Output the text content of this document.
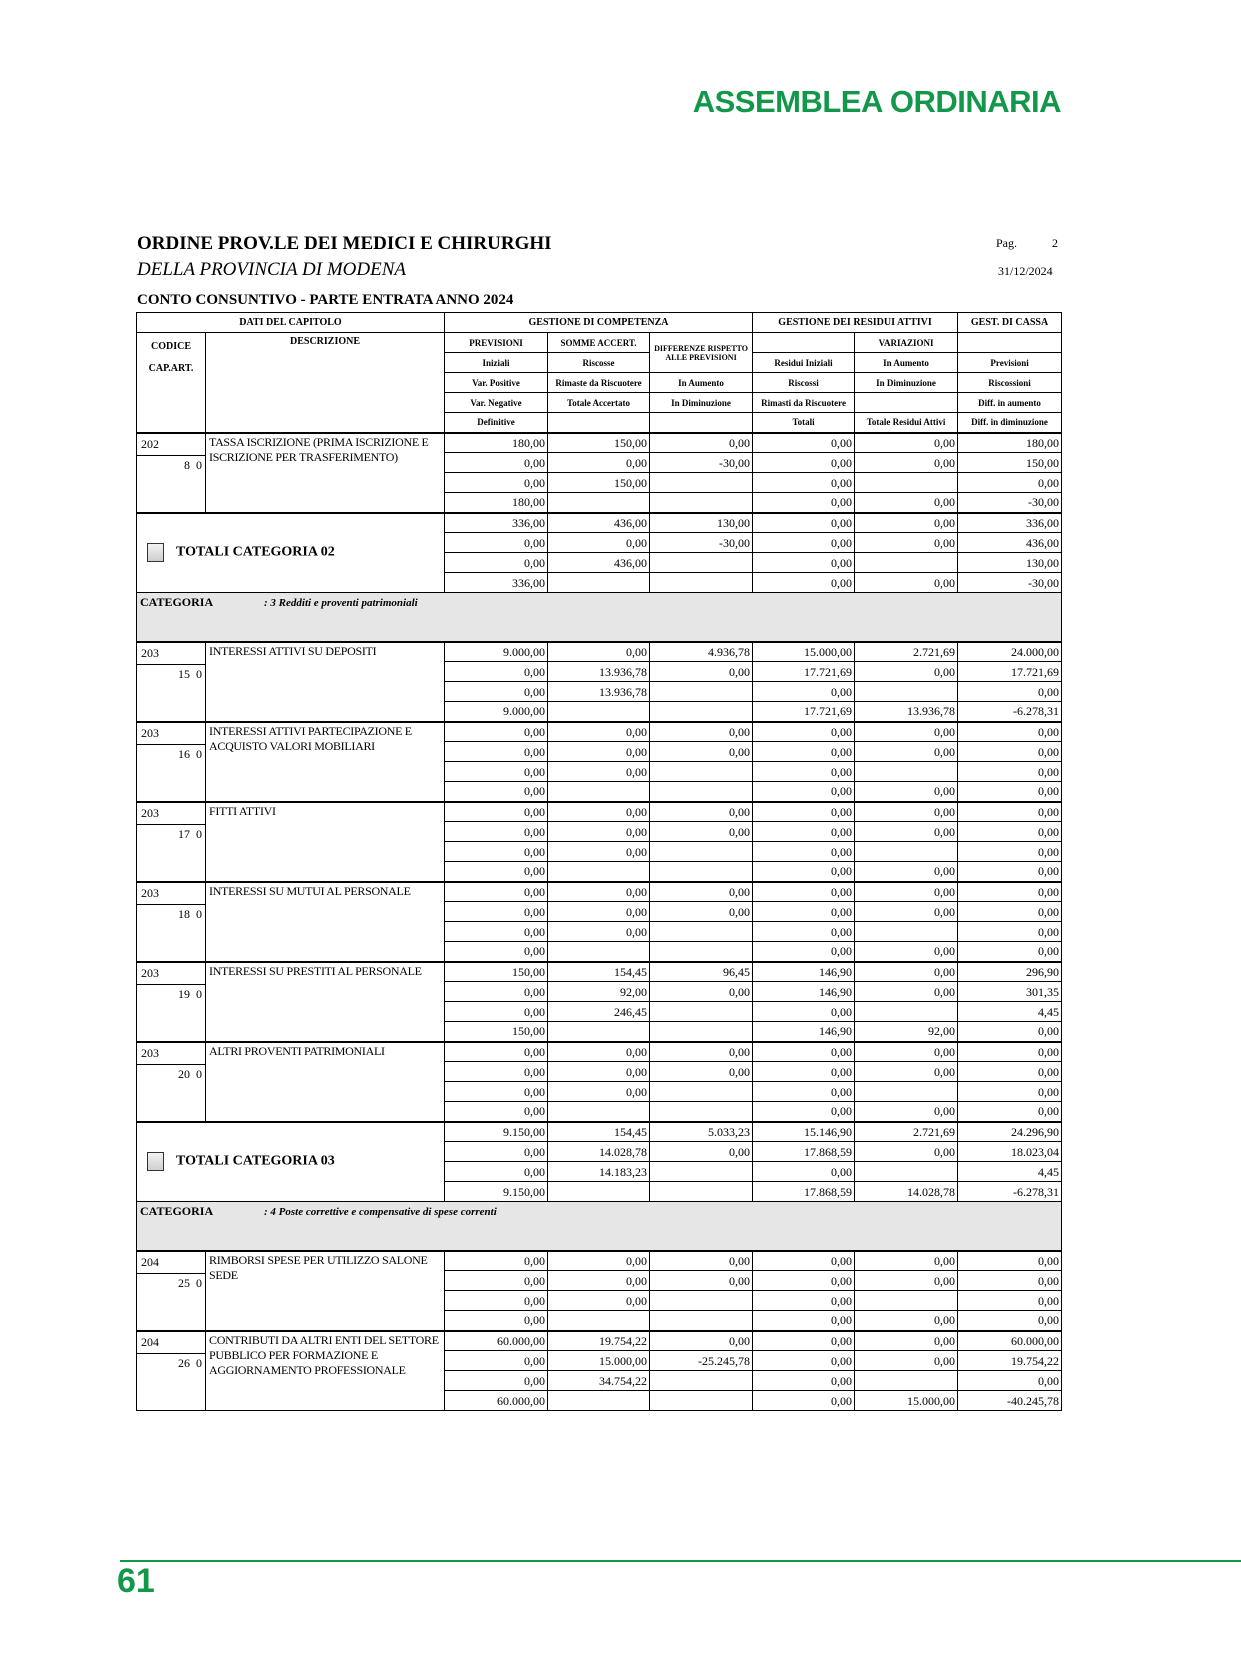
ASSEMBLEA ORDINARIA
ORDINE PROV.LE DEI MEDICI E CHIRURGHI
DELLA PROVINCIA DI MODENA
Pag.	2
31/12/2024
CONTO CONSUNTIVO - PARTE ENTRATA ANNO 2024
DATI DEL CAPITOLO		GESTIONE DI COMPETENZA			GESTIONE DEI RESIDUI ATTIVI		GEST. DI CASSA
CODICE
CAP.ART.	DESCRIZIONE	PREVISIONI	SOMME ACCERT.	DIFFERENZE RISPETTO ALLE PREVISIONI		VARIAZIONI	
		Iniziali	Riscosse		Residui Iniziali	In Aumento	Previsioni
		Var. Positive	Rimaste da Riscuotere	In Aumento	Riscossi	In Diminuzione	Riscossioni
		Var. Negative	Totale Accertato	In Diminuzione	Rimasti da Riscuotere		Diff. in aumento
		Definitive			Totali	Totale Residui Attivi	Diff. in diminuzione

202
8  0	TASSA ISCRIZIONE (PRIMA ISCRIZIONE E ISCRIZIONE PER TRASFERIMENTO)	180,00	150,00	0,00	0,00	0,00	180,00
		0,00	0,00	-30,00	0,00	0,00	150,00
		0,00	150,00		0,00		0,00
		180,00			0,00	0,00	-30,00
TOTALI CATEGORIA 02		336,00	436,00	130,00	0,00	0,00	336,00
		0,00	0,00	-30,00	0,00	0,00	436,00
		0,00	436,00		0,00		130,00
		336,00			0,00	0,00	-30,00
CATEGORIA : 3 Redditi e proventi patrimoniali							

203
15  0	INTERESSI ATTIVI SU DEPOSITI	9.000,00	0,00	4.936,78	15.000,00	2.721,69	24.000,00
		0,00	13.936,78	0,00	17.721,69	0,00	17.721,69
		0,00	13.936,78		0,00		0,00
		9.000,00			17.721,69	13.936,78	-6.278,31

203
16  0	INTERESSI ATTIVI PARTECIPAZIONE E ACQUISTO VALORI MOBILIARI	0,00	0,00	0,00	0,00	0,00	0,00
		0,00	0,00	0,00	0,00	0,00	0,00
		0,00	0,00		0,00		0,00
		0,00			0,00	0,00	0,00

203
17  0	FITTI ATTIVI	0,00	0,00	0,00	0,00	0,00	0,00
		0,00	0,00	0,00	0,00	0,00	0,00
		0,00	0,00		0,00		0,00
		0,00			0,00	0,00	0,00

203
18  0	INTERESSI SU MUTUI AL PERSONALE	0,00	0,00	0,00	0,00	0,00	0,00
		0,00	0,00	0,00	0,00	0,00	0,00
		0,00	0,00		0,00		0,00
		0,00			0,00	0,00	0,00

203
19  0	INTERESSI SU PRESTITI AL PERSONALE	150,00	154,45	96,45	146,90	0,00	296,90
		0,00	92,00	0,00	146,90	0,00	301,35
		0,00	246,45		0,00		4,45
		150,00			146,90	92,00	0,00

203
20  0	ALTRI PROVENTI PATRIMONIALI	0,00	0,00	0,00	0,00	0,00	0,00
		0,00	0,00	0,00	0,00	0,00	0,00
		0,00	0,00		0,00		0,00
		0,00			0,00	0,00	0,00
TOTALI CATEGORIA 03		9.150,00	154,45	5.033,23	15.146,90	2.721,69	24.296,90
		0,00	14.028,78	0,00	17.868,59	0,00	18.023,04
		0,00	14.183,23		0,00		4,45
		9.150,00			17.868,59	14.028,78	-6.278,31
CATEGORIA : 4 Poste correttive e compensative di spese correnti							

204
25  0	RIMBORSI SPESE PER UTILIZZO SALONE SEDE	0,00	0,00	0,00	0,00	0,00	0,00
		0,00	0,00	0,00	0,00	0,00	0,00
		0,00	0,00		0,00		0,00
		0,00			0,00	0,00	0,00

204
26  0	CONTRIBUTI DA ALTRI ENTI DEL SETTORE PUBBLICO PER FORMAZIONE E AGGIORNAMENTO PROFESSIONALE	60.000,00	19.754,22	0,00	0,00	0,00	60.000,00
		0,00	15.000,00	-25.245,78	0,00	0,00	19.754,22
		0,00	34.754,22		0,00		0,00
		60.000,00			0,00	15.000,00	-40.245,78
61
